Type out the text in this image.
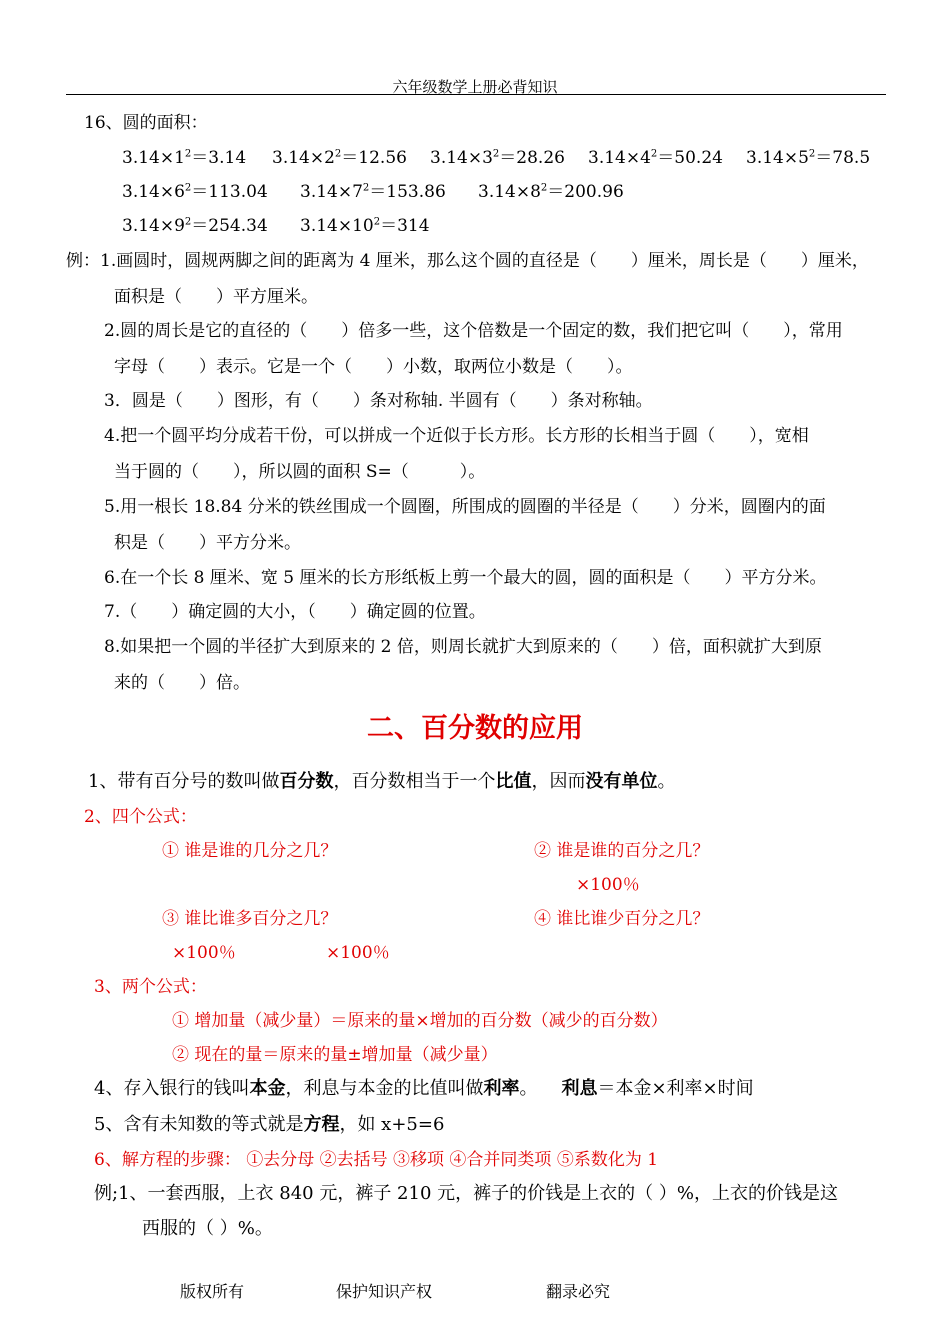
六年级数学上册必背知识
16、圆的面积：
$3.14\times 1^2=3.14$ $3.14\times 2^2=12.56$ $3.14\times 3^2=28.26$ $3.14\times 4^2=50.24$ $3.14\times 5^2=78.5$
$3.14\times 6^2=113.04$ $3.14\times 7^2=153.86$ $3.14\times 8^2=200.96$
$3.14\times 9^2=254.34$ $3.14\times 10^2=314$
例：1.画圆时，圆规两脚之间的距离为 4 厘米，那么这个圆的直径是（　　）厘米，周长是（　　）厘米，
面积是（　　）平方厘米。
2.圆的周长是它的直径的（　　）倍多一些，这个倍数是一个固定的数，我们把它叫（　　），常用
字母（　　）表示。它是一个（　　）小数，取两位小数是（　　）。
3．圆是（　　）图形，有（　　）条对称轴. 半圆有（　　）条对称轴。
4.把一个圆平均分成若干份，可以拼成一个近似于长方形。长方形的长相当于圆（　　），宽相
当于圆的（　　），所以圆的面积 S=（　　　）。
5.用一根长 18.84 分米的铁丝围成一个圆圈，所围成的圆圈的半径是（　　）分米，圆圈内的面
积是（　　）平方分米。
6.在一个长 8 厘米、宽 5 厘米的长方形纸板上剪一个最大的圆，圆的面积是（　　）平方分米。
7.（　　）确定圆的大小，（　　）确定圆的位置。
8.如果把一个圆的半径扩大到原来的 2 倍，则周长就扩大到原来的（　　）倍，面积就扩大到原
来的（　　）倍。
二、百分数的应用
1、带有百分号的数叫做百分数，百分数相当于一个比值，因而没有单位。
2、四个公式：
① 谁是谁的几分之几？	② 谁是谁的百分之几？
×100％
③ 谁比谁多百分之几？	④ 谁比谁少百分之几？
×100％	×100％
3、两个公式：
① 增加量（减少量）＝原来的量×增加的百分数（减少的百分数）
② 现在的量＝原来的量±增加量（减少量）
4、存入银行的钱叫本金，利息与本金的比值叫做利率。 利息＝本金×利率×时间
5、含有未知数的等式就是方程，如 x+5=6
6、解方程的步骤： ①去分母 ②去括号 ③移项 ④合并同类项 ⑤系数化为 1
例;1、一套西服，上衣 840 元，裤子 210 元，裤子的价钱是上衣的（ ）%，上衣的价钱是这
西服的（ ）%。
版权所有	保护知识产权	翻录必究
